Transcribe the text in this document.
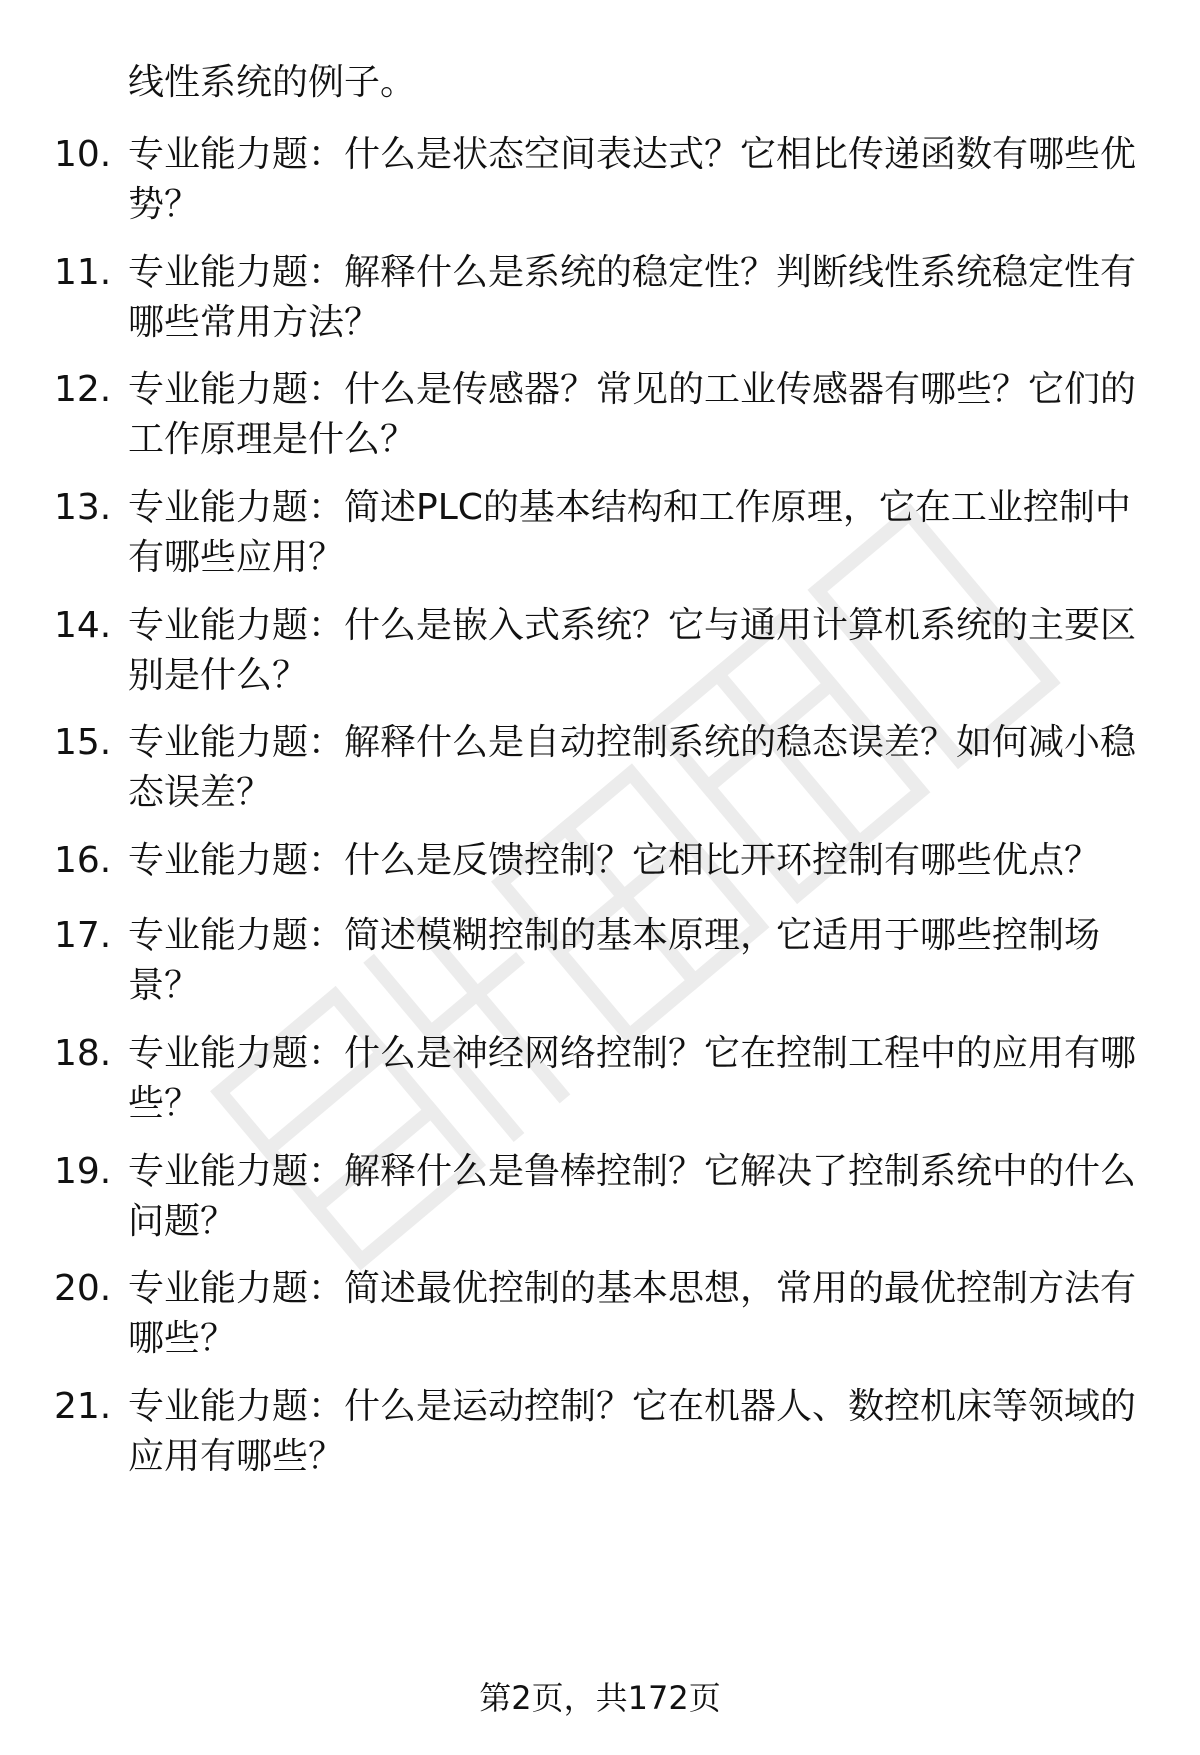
线性系统的例子。
10. 专业能力题：什么是状态空间表达式？它相比传递函数有哪些优势？
11. 专业能力题：解释什么是系统的稳定性？判断线性系统稳定性有哪些常用方法？
12. 专业能力题：什么是传感器？常见的工业传感器有哪些？它们的工作原理是什么？
13. 专业能力题：简述PLC的基本结构和工作原理，它在工业控制中有哪些应用？
14. 专业能力题：什么是嵌入式系统？它与通用计算机系统的主要区别是什么？
15. 专业能力题：解释什么是自动控制系统的稳态误差？如何减小稳态误差？
16. 专业能力题：什么是反馈控制？它相比开环控制有哪些优点？
17. 专业能力题：简述模糊控制的基本原理，它适用于哪些控制场景？
18. 专业能力题：什么是神经网络控制？它在控制工程中的应用有哪些？
19. 专业能力题：解释什么是鲁棒控制？它解决了控制系统中的什么问题？
20. 专业能力题：简述最优控制的基本思想，常用的最优控制方法有哪些？
21. 专业能力题：什么是运动控制？它在机器人、数控机床等领域的应用有哪些？
第2页，共172页
